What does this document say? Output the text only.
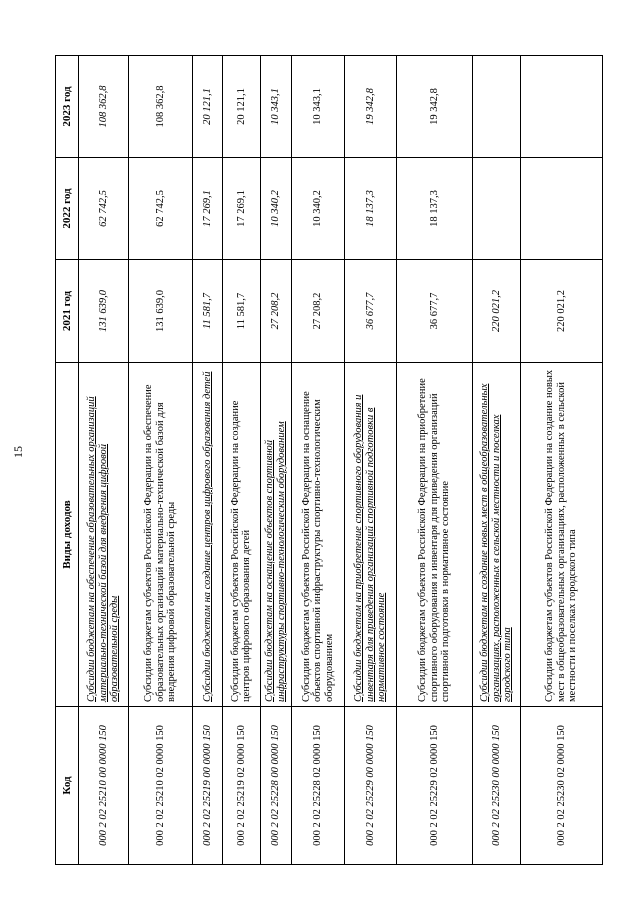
15
Код	Виды доходов	2021 год	2022 год	2023 год
000 2 02 25210 00 0000 150	Субсидии бюджетам на обеспечение образовательных организаций материально-технической базой для внедрения цифровой образовательной среды	131 639,0	62 742,5	108 362,8
000 2 02 25210 02 0000 150	Субсидии бюджетам субъектов Российской Федерации на обеспечение образовательных организаций материально-технической базой для внедрения цифровой образовательной среды	131 639,0	62 742,5	108 362,8
000 2 02 25219 00 0000 150	Субсидии бюджетам на создание центров цифрового образования детей	11 581,7	17 269,1	20 121,1
000 2 02 25219 02 0000 150	Субсидии бюджетам субъектов Российской Федерации на создание центров цифрового образования детей	11 581,7	17 269,1	20 121,1
000 2 02 25228 00 0000 150	Субсидии бюджетам на оснащение объектов спортивной инфраструктуры спортивно-технологическим оборудованием	27 208,2	10 340,2	10 343,1
000 2 02 25228 02 0000 150	Субсидии бюджетам субъектов Российской Федерации на оснащение объектов спортивной инфраструктуры спортивно-технологическим оборудованием	27 208,2	10 340,2	10 343,1
000 2 02 25229 00 0000 150	Субсидии бюджетам на приобретение спортивного оборудования и инвентаря для приведения организаций спортивной подготовки в нормативное состояние	36 677,7	18 137,3	19 342,8
000 2 02 25229 02 0000 150	Субсидии бюджетам субъектов Российской Федерации на приобретение спортивного оборудования и инвентаря для приведения организаций спортивной подготовки в нормативное состояние	36 677,7	18 137,3	19 342,8
000 2 02 25230 00 0000 150	Субсидии бюджетам на создание новых мест в общеобразовательных организациях, расположенных в сельской местности и поселках городского типа	220 021,2		
000 2 02 25230 02 0000 150	Субсидии бюджетам субъектов Российской Федерации на создание новых мест в общеобразовательных организациях, расположенных в сельской местности и поселках городского типа	220 021,2		
